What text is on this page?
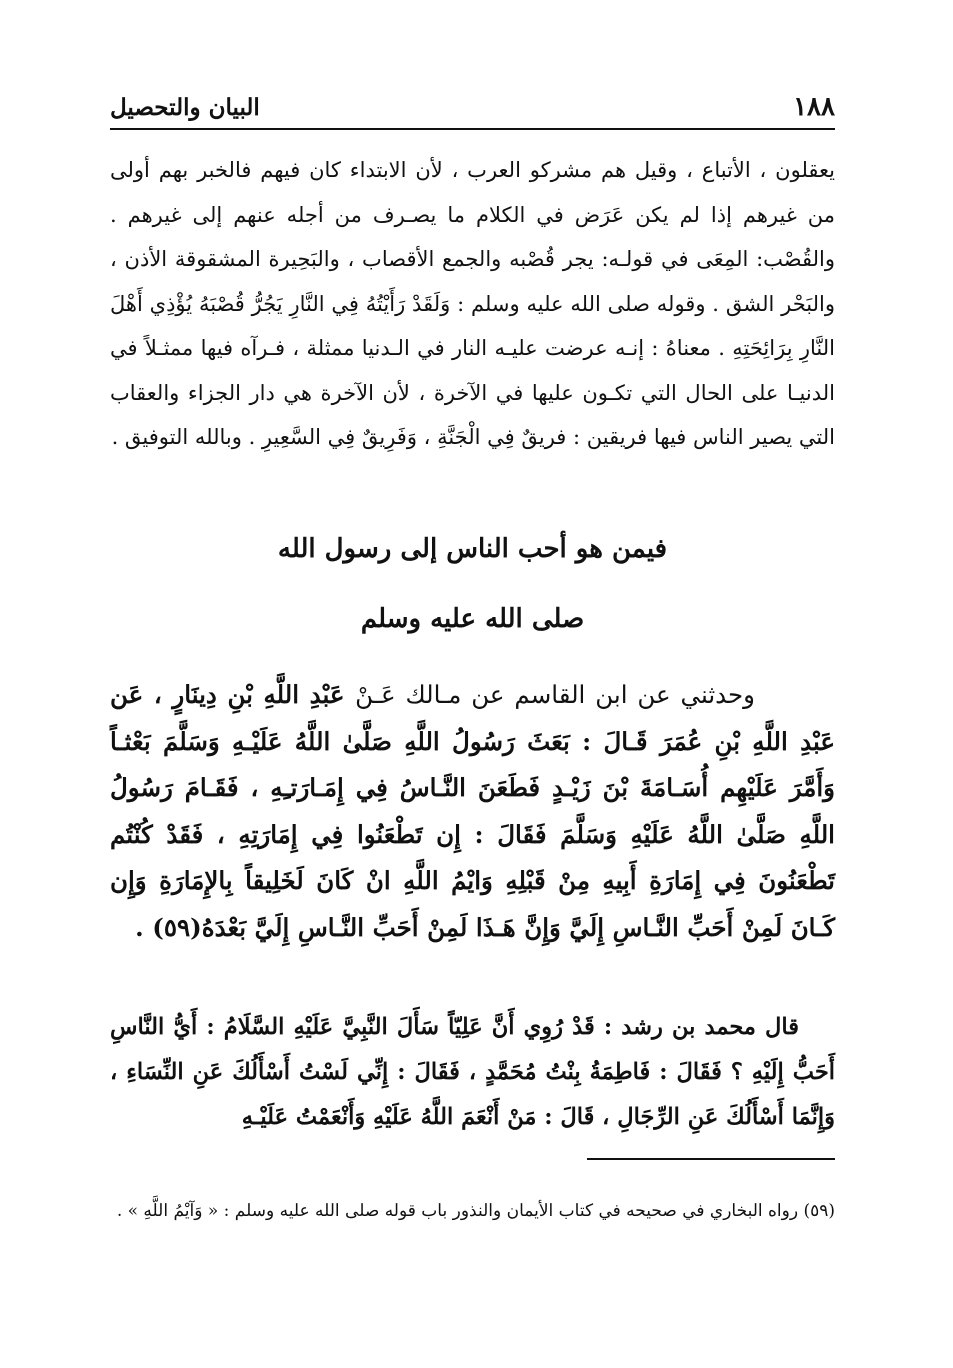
١٨٨
البيان والتحصيل

يعقلون ، الأتباع ، وقيل هم مشركو العرب ، لأن الابتداء كان فيهم فالخبر بهم أولى من غيرهم إذا لم يكن عَرَض في الكلام ما يصـرف من أجله عنهم إلى غيرهم . والقُصْب: المِعَى في قولـه: يجر قُصْبه والجمع الأقصاب ، والبَحِيرة المشقوقة الأذن ، والبَحْر الشق . وقوله صلى الله عليه وسلم : وَلَقَدْ رَأَيْتُهُ فِي النَّارِ يَجُرُّ قُصْبَهُ يُؤْذِي أَهْلَ النَّارِ بِرَائِحَتِهِ . معناهُ : إنـه عرضت عليـه النار في الـدنيا ممثلة ، فـرآه فيها ممثـلاً في الدنيـا على الحال التي تكـون عليها في الآخرة ، لأن الآخرة هي دار الجزاء والعقاب التي يصير الناس فيها فريقين : فريقٌ فِي الْجَنَّةِ ، وَفَرِيقٌ فِي السَّعِيرِ . وبالله التوفيق .

فيمن هو أحب الناس إلى رسول الله
صلى الله عليه وسلم

وحدثني عن ابن القاسم عن مـالك عَـنْ عَبْدِ اللَّهِ بْنِ دِينَارٍ ، عَن عَبْدِ اللَّهِ بْنِ عُمَرَ قَـالَ : بَعَثَ رَسُولُ اللَّهِ صَلَّىٰ اللَّهُ عَلَيْـهِ وَسَلَّمَ بَعْثـاً وَأَمَّرَ عَلَيْهِم أُسَـامَةَ بْنَ زَيْـدٍ فَطَعَنَ النَّـاسُ فِي إِمَـارَتـِهِ ، فَقَـامَ رَسُولُ اللَّهِ صَلَّىٰ اللَّهُ عَلَيْهِ وَسَلَّمَ فَقَالَ : إِن تَطْعَنُوا فِي إِمَارَتِهِ ، فَقَدْ كُنْتُم تَطْعَنُونَ فِي إِمَارَةِ أَبِيهِ مِنْ قَبْلِهِ وَايْمُ اللَّهِ انْ كَانَ لَخَلِيقاً بِالإِمَارَةِ وَإِن كَـانَ لَمِنْ أَحَبِّ النَّـاسِ إِلَيَّ وَإِنَّ هَـذَا لَمِنْ أَحَبِّ النَّـاسِ إِلَيَّ بَعْدَهُ(٥٩) .

قال محمد بن رشد : قَدْ رُوِي أَنَّ عَلِيّاً سَأَلَ النَّبِيَّ عَلَيْهِ السَّلَامُ : أَيُّ النَّاسِ أَحَبُّ إِلَيْهِ ؟ فَقَالَ : فَاطِمَةُ بِنْتُ مُحَمَّدٍ ، فَقَالَ : إِنِّي لَسْتُ أَسْأَلُكَ عَنِ النِّسَاءِ ، وَإِنَّمَا أَسْأَلُكَ عَنِ الرِّجَالِ ، قَالَ : مَنْ أَنْعَمَ اللَّهُ عَلَيْهِ وَأَنْعَمْتُ عَلَيْـهِ

(٥٩) رواه البخاري في صحيحه في كتاب الأيمان والنذور باب قوله صلى الله عليه وسلم : « وَآيْمُ اللَّهِ » .
